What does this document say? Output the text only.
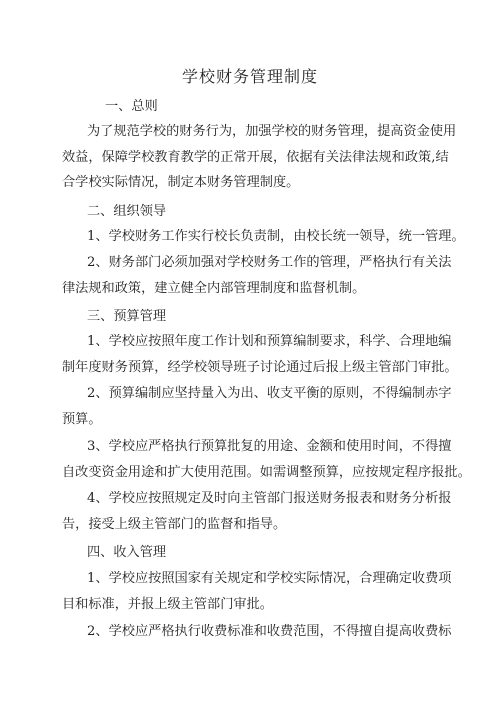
学校财务管理制度
一、总则
为了规范学校的财务行为，加强学校的财务管理，提高资金使用
效益，保障学校教育教学的正常开展，依据有关法律法规和政策,结
合学校实际情况，制定本财务管理制度。
二、组织领导
1、学校财务工作实行校长负责制，由校长统一领导，统一管理。
2、财务部门必须加强对学校财务工作的管理，严格执行有关法
律法规和政策，建立健全内部管理制度和监督机制。
三、预算管理
1、学校应按照年度工作计划和预算编制要求，科学、合理地编
制年度财务预算，经学校领导班子讨论通过后报上级主管部门审批。
2、预算编制应坚持量入为出、收支平衡的原则，不得编制赤字
预算。
3、学校应严格执行预算批复的用途、金额和使用时间，不得擅
自改变资金用途和扩大使用范围。如需调整预算，应按规定程序报批。
4、学校应按照规定及时向主管部门报送财务报表和财务分析报
告，接受上级主管部门的监督和指导。
四、收入管理
1、学校应按照国家有关规定和学校实际情况，合理确定收费项
目和标准，并报上级主管部门审批。
2、学校应严格执行收费标准和收费范围，不得擅自提高收费标
